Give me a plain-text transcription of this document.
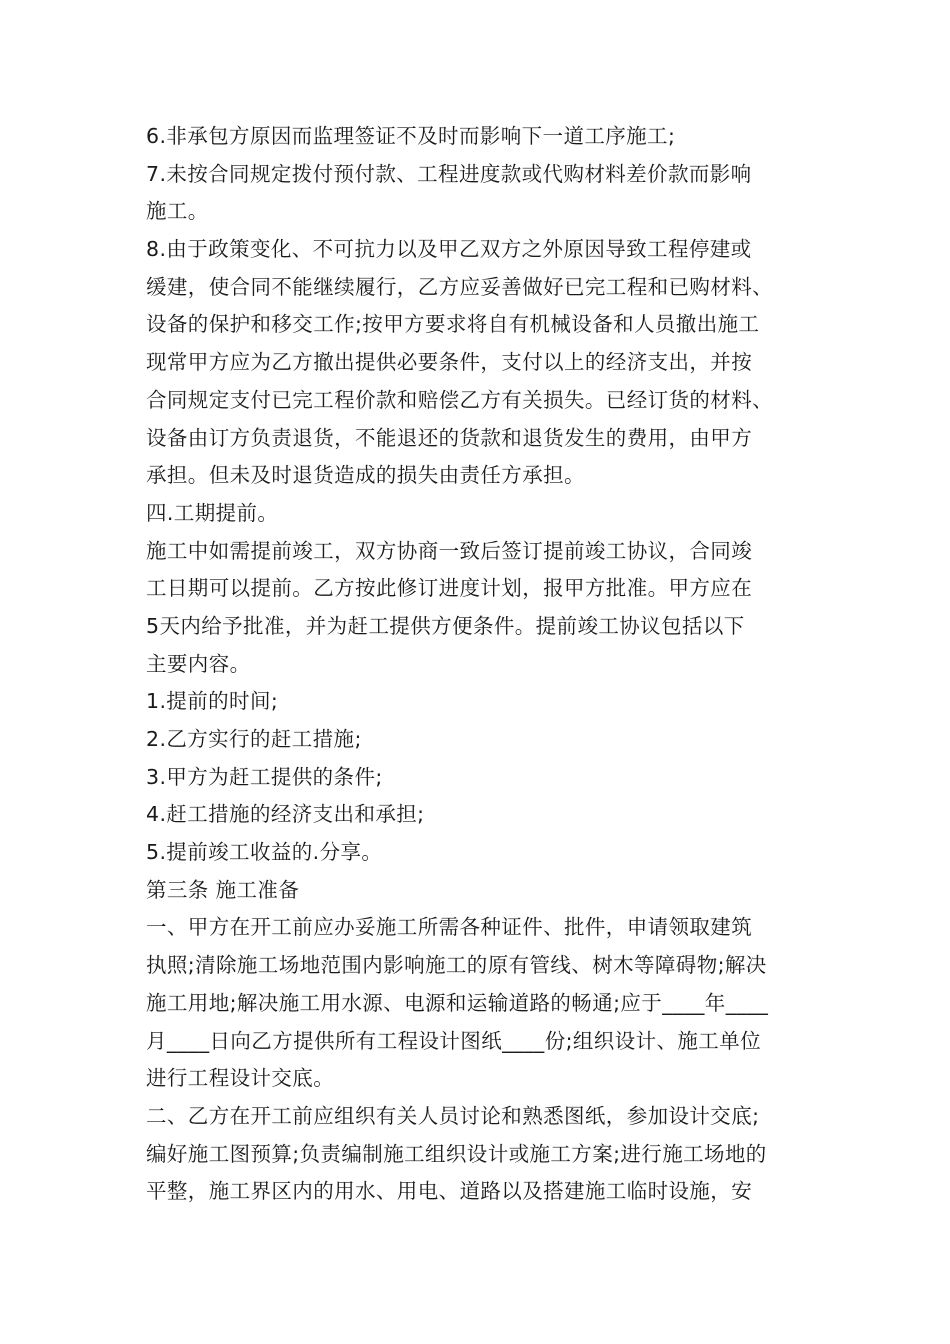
6.非承包方原因而监理签证不及时而影响下一道工序施工;
7.未按合同规定拨付预付款、工程进度款或代购材料差价款而影响
施工。
8.由于政策变化、不可抗力以及甲乙双方之外原因导致工程停建或
缓建，使合同不能继续履行，乙方应妥善做好已完工程和已购材料、
设备的保护和移交工作;按甲方要求将自有机械设备和人员撤出施工
现常甲方应为乙方撤出提供必要条件，支付以上的经济支出，并按
合同规定支付已完工程价款和赔偿乙方有关损失。已经订货的材料、
设备由订方负责退货，不能退还的货款和退货发生的费用，由甲方
承担。但未及时退货造成的损失由责任方承担。
四.工期提前。
施工中如需提前竣工，双方协商一致后签订提前竣工协议，合同竣
工日期可以提前。乙方按此修订进度计划，报甲方批准。甲方应在
5天内给予批准，并为赶工提供方便条件。提前竣工协议包括以下
主要内容。
1.提前的时间;
2.乙方实行的赶工措施;
3.甲方为赶工提供的条件;
4.赶工措施的经济支出和承担;
5.提前竣工收益的.分享。
第三条 施工准备
一、甲方在开工前应办妥施工所需各种证件、批件，申请领取建筑
执照;清除施工场地范围内影响施工的原有管线、树木等障碍物;解决
施工用地;解决施工用水源、电源和运输道路的畅通;应于____年____
月____日向乙方提供所有工程设计图纸____份;组织设计、施工单位
进行工程设计交底。
二、乙方在开工前应组织有关人员讨论和熟悉图纸，参加设计交底;
编好施工图预算;负责编制施工组织设计或施工方案;进行施工场地的
平整，施工界区内的用水、用电、道路以及搭建施工临时设施，安
